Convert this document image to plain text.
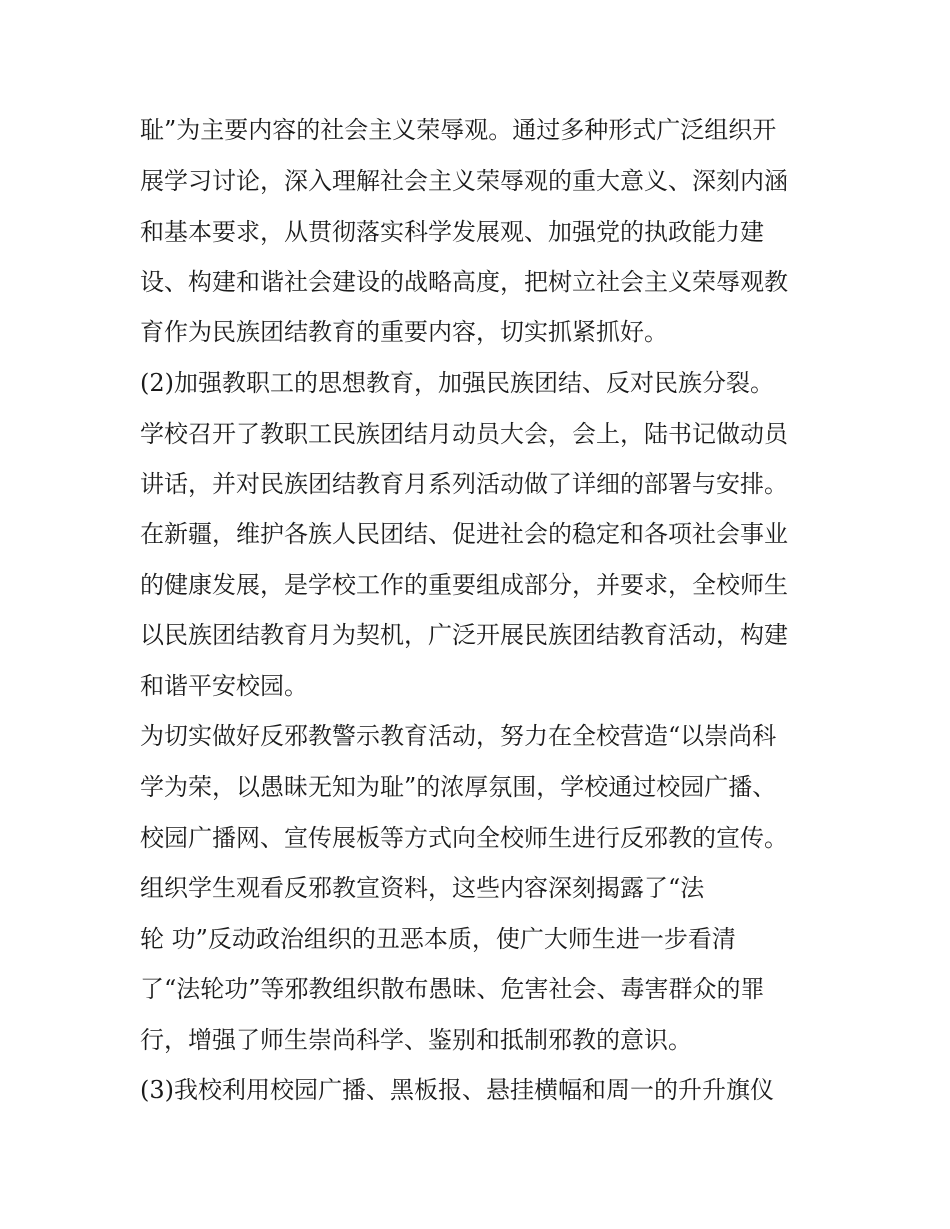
耻”为主要内容的社会主义荣辱观。通过多种形式广泛组织开
展学习讨论，深入理解社会主义荣辱观的重大意义、深刻内涵
和基本要求，从贯彻落实科学发展观、加强党的执政能力建
设、构建和谐社会建设的战略高度，把树立社会主义荣辱观教
育作为民族团结教育的重要内容，切实抓紧抓好。
(2)加强教职工的思想教育，加强民族团结、反对民族分裂。
学校召开了教职工民族团结月动员大会，会上，陆书记做动员
讲话，并对民族团结教育月系列活动做了详细的部署与安排。
在新疆，维护各族人民团结、促进社会的稳定和各项社会事业
的健康发展，是学校工作的重要组成部分，并要求，全校师生
以民族团结教育月为契机，广泛开展民族团结教育活动，构建
和谐平安校园。
为切实做好反邪教警示教育活动，努力在全校营造“以崇尚科
学为荣，以愚昧无知为耻”的浓厚氛围，学校通过校园广播、
校园广播网、宣传展板等方式向全校师生进行反邪教的宣传。
组织学生观看反邪教宣资料，这些内容深刻揭露了“法
轮 功”反动政治组织的丑恶本质，使广大师生进一步看清
了“法轮功”等邪教组织散布愚昧、危害社会、毒害群众的罪
行，增强了师生崇尚科学、鉴别和抵制邪教的意识。
(3)我校利用校园广播、黑板报、悬挂横幅和周一的升升旗仪
